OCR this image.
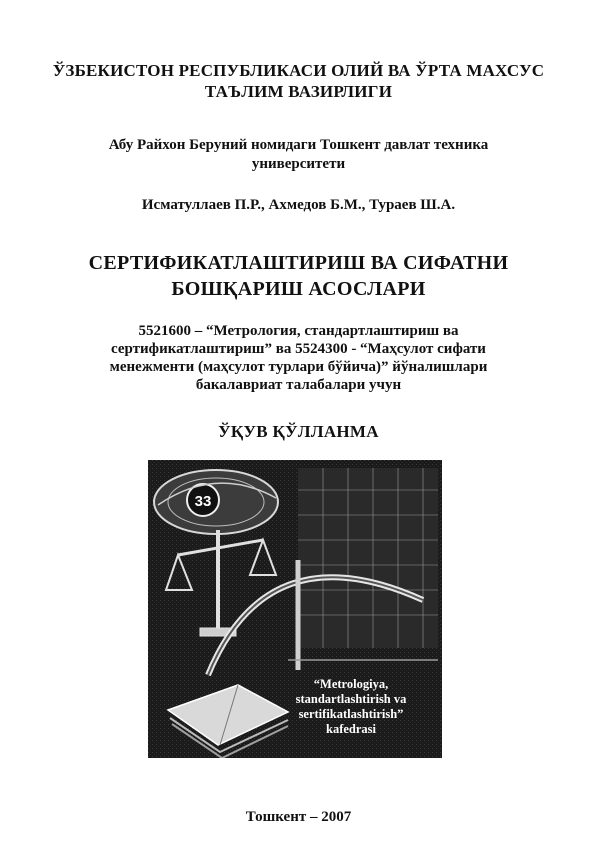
ЎЗБЕКИСТОН РЕСПУБЛИКАСИ ОЛИЙ ВА ЎРТА МАХСУС
ТАЪЛИМ ВАЗИРЛИГИ
Абу Райхон Беруний номидаги Тошкент давлат техника
университети
Исматуллаев П.Р., Ахмедов Б.М., Тураев Ш.А.
СЕРТИФИКАТЛАШТИРИШ ВА СИФАТНИ
БОШҚАРИШ АСОСЛАРИ
5521600 – “Метрология, стандартлаштириш ва
сертификатлаштириш” ва 5524300 - “Маҳсулот сифати
менежменти (маҳсулот турлари бўйича)” йўналишлари
бакалавриат талабалари учун
ЎҚУВ ҚЎЛЛАНМА
33
“Metrologiya,
standartlashtirish va
sertifikatlashtirish”
kafedrasi
Тошкент – 2007
